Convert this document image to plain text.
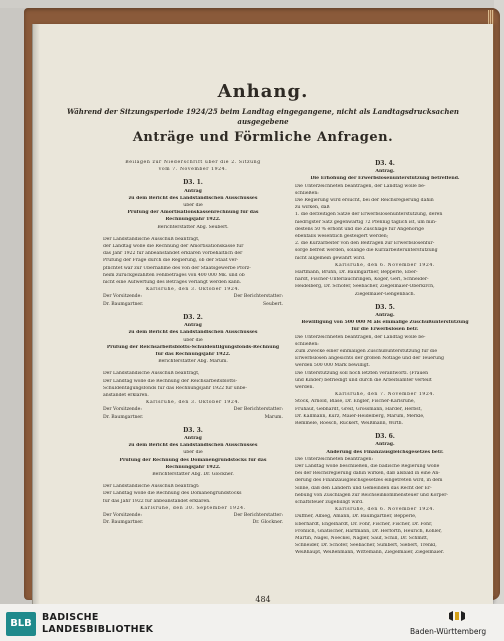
Anhang.
Während der Sitzungsperiode 1924/25 beim Landtag eingegangene, nicht als Landtagsdrucksachen
ausgegebene
Anträge und Förmliche Anfragen.
Beilagen zur Niederschrift über die 2. Sitzung
vom 7. November 1924.
D3. 1.
Antrag
zu dem Bericht des Landständischen Ausschusses
über die
Prüfung der Amortisationskassenrechnung für das
Rechnungsjahr 1922.
Berichterstatter Abg. Seubert.
Der Landständische Ausschuß beantragt,
der Landtag wolle die Rechnung der Amortisationskasse für
das Jahr 1922 für anbeanstandet erklären vorbehaltlich der
Prüfung der Frage durch die Regierung, ob der Staat ver-
pflichtet war zur Übernahme des von der Staatsgewerbe Pforz-
heim zurückgezahlten Fehlbetrages von 400 000 Mk. und ob
nicht eine Aufwertung des Betrages verlangt werden kann.
Karlsruhe, den 3. Oktober 1924.
Der Vorsitzende:	Der Berichterstatter:
Dr. Baumgartner.	Seubert.
D3. 2.
Antrag
zu dem Bericht des Landständischen Ausschusses
über die
Prüfung der Reichsarbeitsblotts-Schuldentilgungsfonds-Rechnung
für das Rechnungsjahr 1922.
Berichterstatter Abg. Marum.
Der Landständische Ausschuß beantragt,
Der Landtag wolle die Rechnung der Reichsarbeitsblotts-
Schuldentilgungsfonds für das Rechnungsjahr 1922 für unbe-
anstandet erklären.
Karlsruhe, den 3. Oktober 1924.
Der Vorsitzende:	Der Berichterstatter:
Dr. Baumgartner.	Marum.
D3. 3.
Antrag
zu dem Bericht des Landständischen Ausschusses
über die
Prüfung der Rechnung des Domänengrundstocks für das
Rechnungsjahr 1922.
Berichterstatter Abg. Dr. Glockner.
Der Landständische Ausschuß beantragt:
Der Landtag wolle die Rechnung des Domänengrundstocks
für das Jahr 1922 für anbeanstandet erklären.
Karlsruhe, den 30. September 1924.
Der Vorsitzende:	Der Berichterstatter:
Dr. Baumgartner.	Dr. Glockner.
D3. 4.
Antrag.
Die Erhöhung der Erwerbslosenunterstützung betreffend.
Die Unterzeichneten beantragen, der Landtag wolle be-
schließen:
Die Regierung wird ersucht, bei der Reichsregierung dahin
zu wirken, daß
1. die derzeitigen Sätze der Erwerbslosenunterstützung, deren
niedrigster Satz gegenwärtig 72 Pfennig täglich ist, um min-
destens 50 % erhöht und die Zuschläge für Angehörige
ebenfalls wesentlich gesteigert werden;
2. die Kurzarbeiter von den Beiträgen zur Erwerbslosenfür-
sorge befreit werden, solange die Kurzarbeiterunterstützung
nicht allgemein gewährt wird.
Karlsruhe, den 6. November 1924.
Hartmann, Bruhn, Dr. Baumgartner, Bepperle, Eber-
hardt, Fischer-Unterlauchringen, Köger, Gerl, Schneider-
Heidelberg, Dr. Schofer, Seebacher, Ziegelmaier-Oberkirch,
Ziegelmaier-Gengenbach.
D3. 5.
Antrag.
Bewilligung von 500 000 M als einmalige Zuschußunterstützung
für die Erwerbslosen betr.
Die Unterzeichneten beantragen, der Landtag wolle be-
schließen:
Zum Zwecke einer einmaligen Zuschußunterstützung für die
Erwerbslosen angesichts der großen Notlage und der Teuerung
werden 500 000 Mark bewilligt.
Die Unterstützung soll noch letzten verantwortl. (Frauen
und Kinder) befriedigt und durch die Arbeitsämter verteilt
werden.
Karlsruhe, den 7. November 1924.
Stock, Arnold, Blase, Dr. Engler, Fischer-Karlsruhe,
Frühauf, Gebhardt, Greif, Grossmann, Harder, Herbst,
Dr. Kallmann, Kurz, Maier-Heidelberg, Marum, Merkle,
Remmele, Roesch, Rückert, Weißmann, Wirth.
D3. 6.
Antrag.
Änderung des Finanzausgleichsgesetzes betr.
Die Unterzeichneten beantragen:
Der Landtag wolle beschließen, die badische Regierung wolle
bei der Reichsregierung dahin wirken, daß alsbald in eine Än-
derung des Finanzausgleichsgesetzes eingetreten wird, in dem
Sinne, daß den Ländern und Gemeinden das Recht der Er-
hebung von Zuschlägen zur Reichseinkommensteuer und Körper-
schaftsteuer zugebilligt wird.
Karlsruhe, den 6. November 1924.
Duffner, Albieg, Amann, Dr. Baumgartner, Bepperle,
Eberhardt, Engelhardt, Dr. Föhr, Fischer, Fischer, Dr. Föhr,
Fröhlich, Gnatischer, Hartmann, Dr. Herforth, Heurich, Köhler,
Martin, Nagel, Noeckel, Nägler, Sauf, Schill, Dr. Schmitt,
Schneider, Dr. Schofer, Seebacher, Sumbert, Siebert, Trenkl,
Weißhaupt, Weißenmann, Wittemann, Ziegelmaier, Ziegelmaier.
484
BLB
BADISCHE
LANDESBIBLIOTHEK	Baden-Württemberg
